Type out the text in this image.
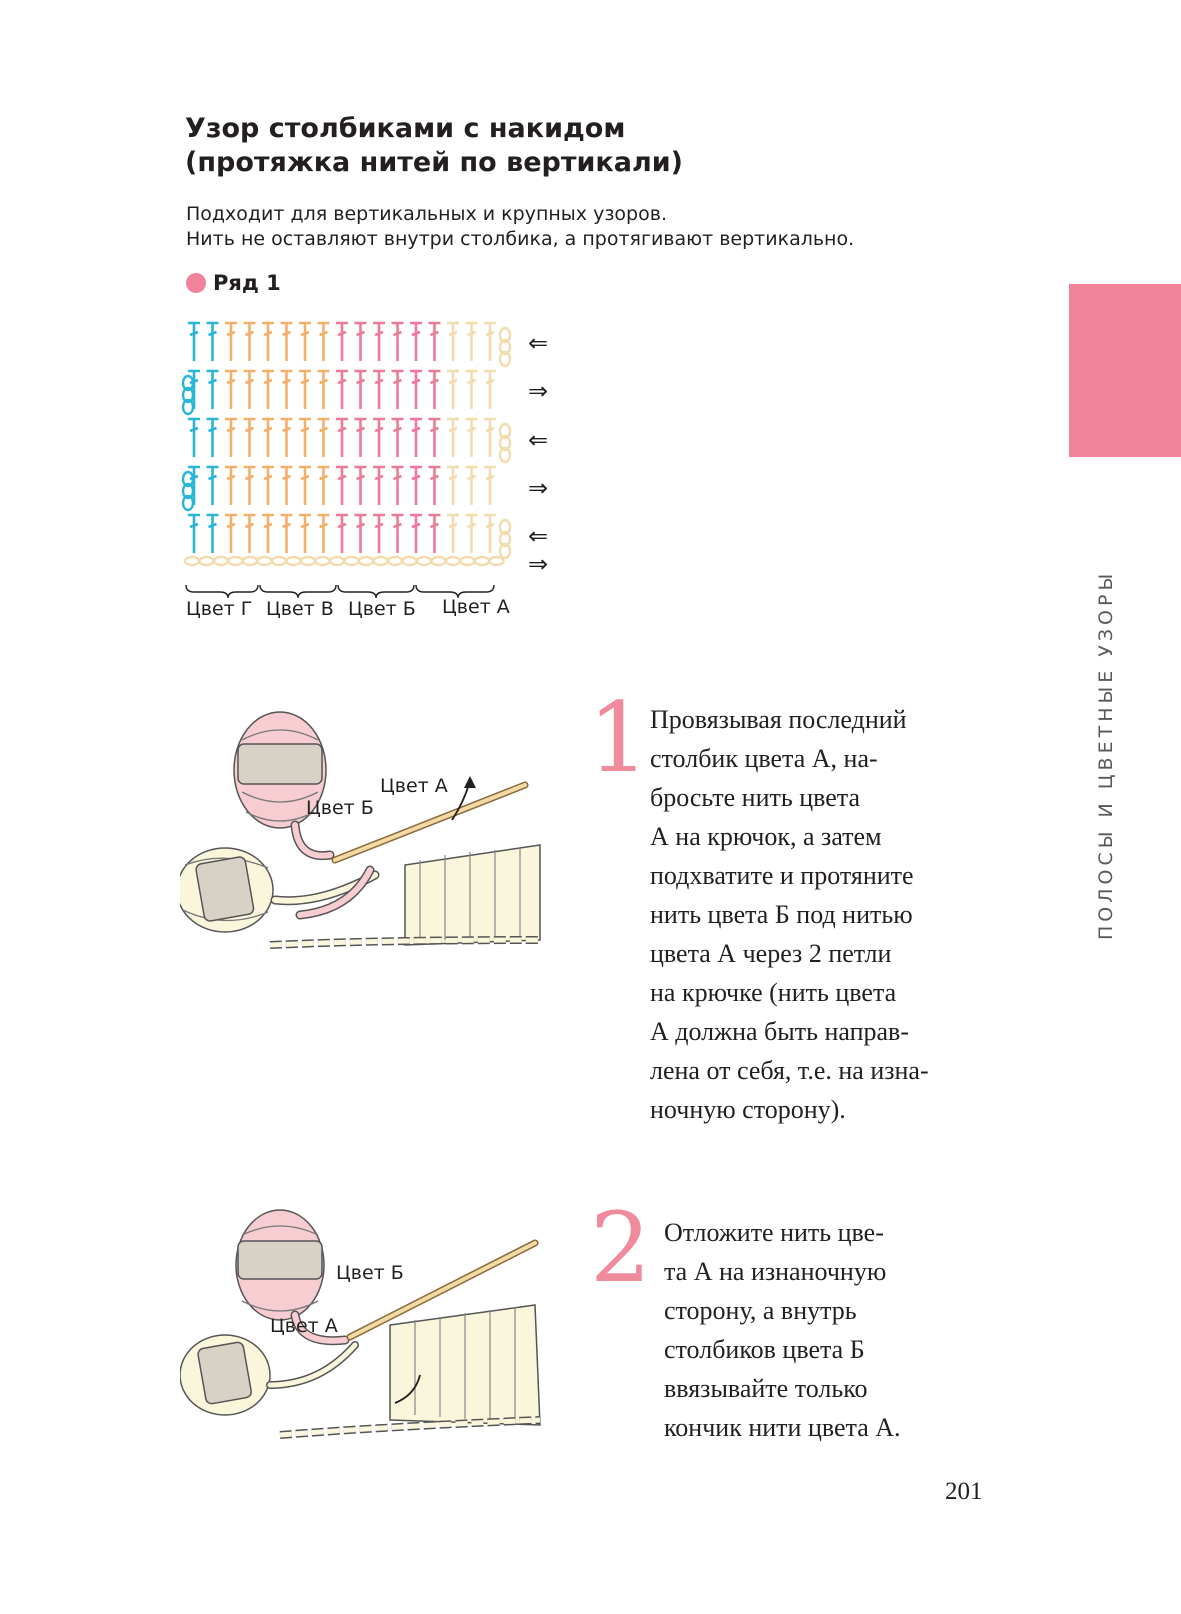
Узор столбиками с накидом
(протяжка нитей по вертикали)
Подходит для вертикальных и крупных узоров.
Нить не оставляют внутри столбика, а протягивают вертикально.
Ряд 1
ПОЛОСЫ И ЦВЕТНЫЕ УЗОРЫ
⇐
⇒
⇐
⇒
⇐
⇒
Цвет Г Цвет В Цвет Б Цвет А
Цвет А
Цвет Б
Цвет Б
Цвет А
1 Провязывая последний
столбик цвета А, на-
бросьте нить цвета
А на крючок, а затем
подхватите и протяните
нить цвета Б под нитью
цвета А через 2 петли
на крючке (нить цвета
А должна быть направ-
лена от себя, т.е. на изна-
ночную сторону).
2 Отложите нить цве-
та А на изнаночную
сторону, а внутрь
столбиков цвета Б
ввязывайте только
кончик нити цвета А.
201
